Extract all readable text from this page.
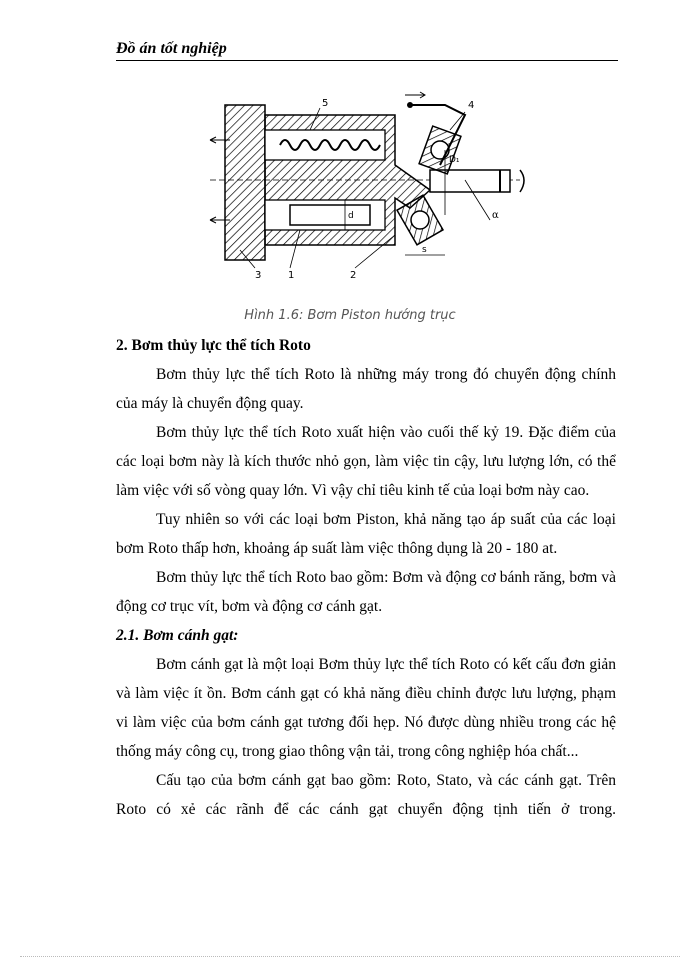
Đồ án tốt nghiệp
5	4
3	1	2
d
D₁
s
α
Hình 1.6: Bơm Piston hướng trục

2. Bơm thủy lực thể tích Roto

Bơm thủy lực thể tích Roto là những máy trong đó chuyển động chính của máy là chuyển động quay.

Bơm thủy lực thể tích Roto xuất hiện vào cuối thế kỷ 19. Đặc điểm của các loại bơm này là kích thước nhỏ gọn, làm việc tin cậy, lưu lượng lớn, có thể làm việc với số vòng quay lớn. Vì vậy chỉ tiêu kinh tế của loại bơm này cao.

Tuy nhiên so với các loại bơm Piston, khả năng tạo áp suất của các loại bơm Roto thấp hơn, khoảng áp suất làm việc thông dụng là 20 - 180 at.

Bơm thủy lực thể tích Roto bao gồm: Bơm và động cơ bánh răng, bơm và động cơ trục vít, bơm và động cơ cánh gạt.

2.1. Bơm cánh gạt:

Bơm cánh gạt là một loại Bơm thủy lực thể tích Roto có kết cấu đơn giản và làm việc ít ồn. Bơm cánh gạt có khả năng điều chỉnh được lưu lượng, phạm vi làm việc của bơm cánh gạt tương đối hẹp. Nó được dùng nhiều trong các hệ thống máy công cụ, trong giao thông vận tải, trong công nghiệp hóa chất...

Cấu tạo của bơm cánh gạt bao gồm: Roto, Stato, và các cánh gạt. Trên Roto có xẻ các rãnh để các cánh gạt chuyển động tịnh tiến ở trong.
